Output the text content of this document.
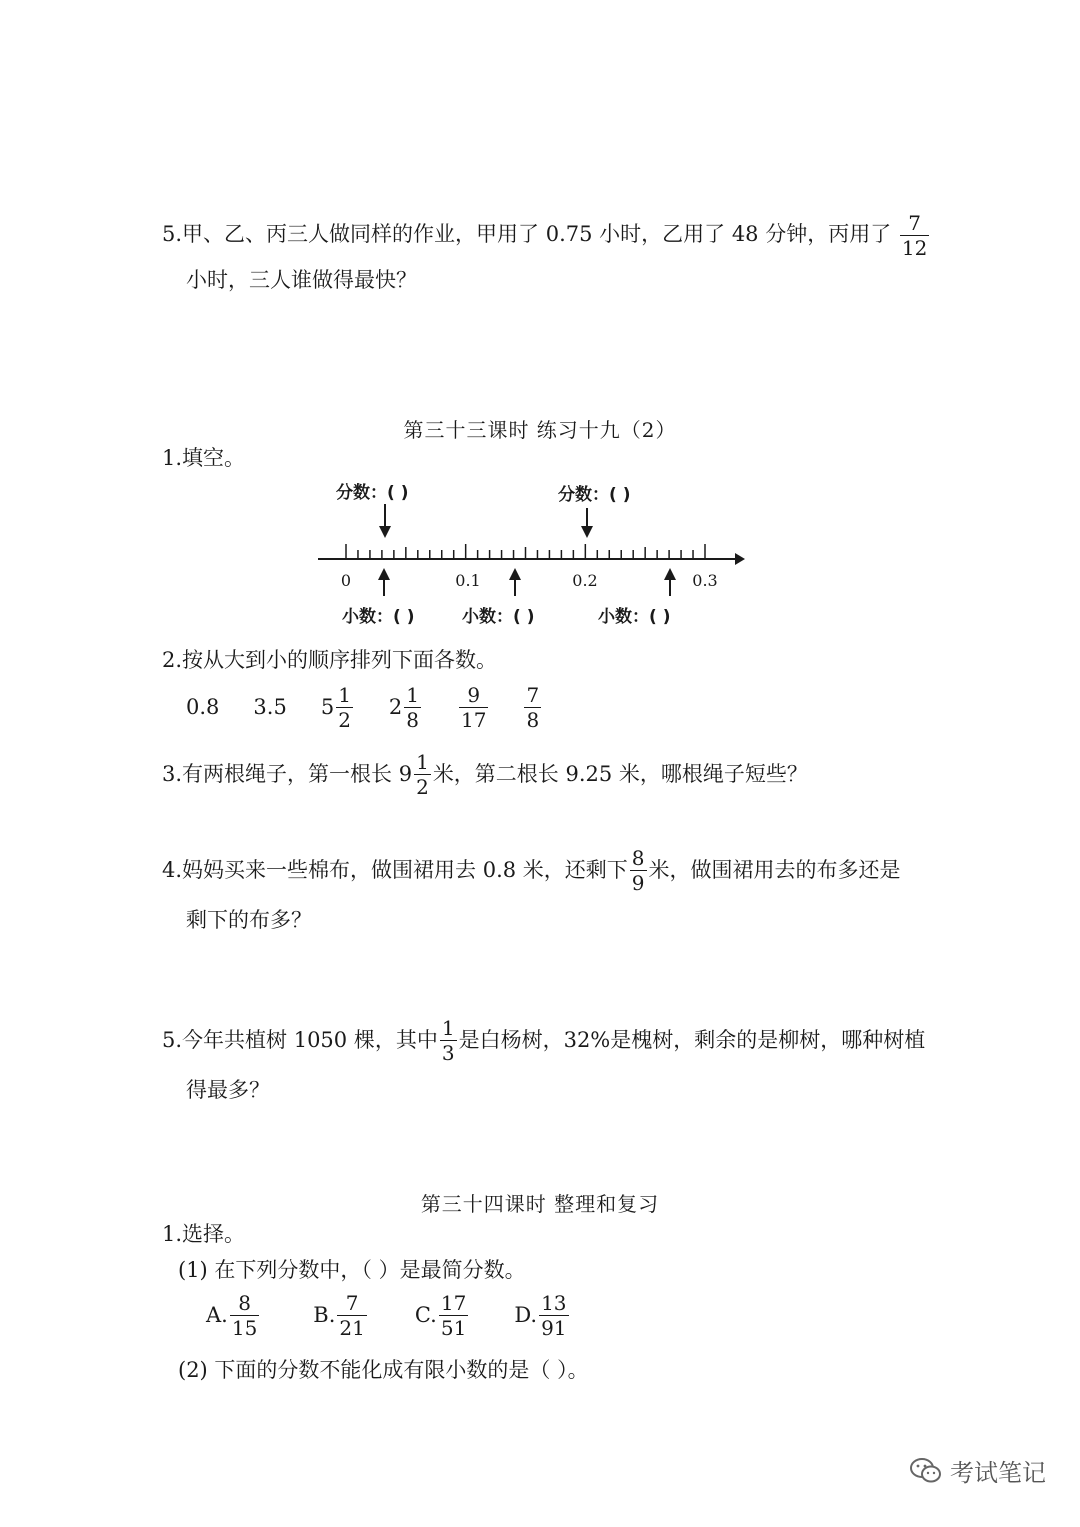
5.甲、乙、丙三人做同样的作业，甲用了 0.75 小时，乙用了 48 分钟，丙用了 $\frac{7}{12}$
小时，三人谁做得最快？
第三十三课时 练习十九（2）
1.填空。
分数：( )	分数：( )
0	0.1	0.2	0.3
小数：( )	小数：( )	小数：( )
2.按从大到小的顺序排列下面各数。
0.8 3.5 $5 \frac{1}{2} 2 \frac{1}{8} \frac{9}{17} \frac{7}{8}$
3.有两根绳子，第一根长 $9 \frac{1}{2}$ 米，第二根长 9.25 米，哪根绳子短些？
4.妈妈买来一些棉布，做围裙用去 0.8 米，还剩下 $\frac{8}{9}$ 米，做围裙用去的布多还是
剩下的布多？
5.今年共植树 1050 棵，其中 $\frac{1}{3}$ 是白杨树，32%是槐树，剩余的是柳树，哪种树植
得最多？
第三十四课时 整理和复习
1.选择。
(1) 在下列分数中，（ ）是最简分数。
A. $\frac{8}{15}$	B. $\frac{7}{21} C$. $\frac{17}{51} D$. $\frac{13}{91}$
(2) 下面的分数不能化成有限小数的是（ ）。
考试笔记
